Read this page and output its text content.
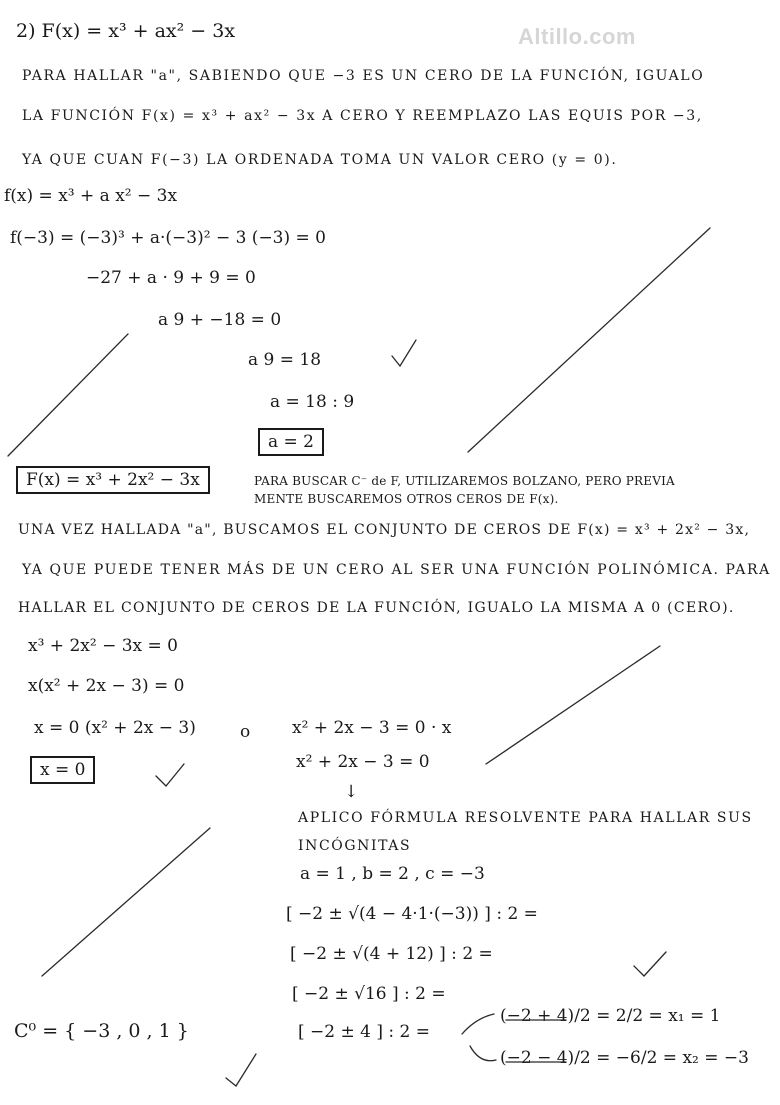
Altillo.com
2) F(x) = x³ + ax² − 3x
PARA HALLAR "a", SABIENDO QUE −3 ES UN CERO DE LA FUNCIÓN, IGUALO
LA FUNCIÓN F(x) = x³ + ax² − 3x A CERO Y REEMPLAZO LAS EQUIS POR −3,
YA QUE CUAN F(−3) LA ORDENADA TOMA UN VALOR CERO (y = 0).
f(x) = x³ + a x² − 3x
f(−3) = (−3)³ + a·(−3)² − 3 (−3) = 0
−27 + a · 9 + 9 = 0
a 9 + −18 = 0
a 9 = 18
a = 18 : 9
a = 2
F(x) = x³ + 2x² − 3x	PARA BUSCAR C⁻ de F, UTILIZAREMOS BOLZANO, PERO PREVIA
MENTE BUSCAREMOS OTROS CEROS DE F(x).
UNA VEZ HALLADA "a", BUSCAMOS EL CONJUNTO DE CEROS DE F(x) = x³ + 2x² − 3x,
YA QUE PUEDE TENER MÁS DE UN CERO AL SER UNA FUNCIÓN POLINÓMICA. PARA
HALLAR EL CONJUNTO DE CEROS DE LA FUNCIÓN, IGUALO LA MISMA A 0 (CERO).
x³ + 2x² − 3x = 0
x(x² + 2x − 3) = 0
x = 0 (x² + 2x − 3)	o x² + 2x − 3 = 0 · x
x = 0	x² + 2x − 3 = 0
↓
APLICO FÓRMULA RESOLVENTE PARA HALLAR SUS
INCÓGNITAS
a = 1 , b = 2 , c = −3
[ −2 ± √(4 − 4·1·(−3)) ] : 2 =
[ −2 ± √(4 + 12) ] : 2 =
[ −2 ± √16 ] : 2 =
[ −2 ± 4 ] : 2 =
C⁰ = { −3 , 0 , 1 }
(−2 + 4)/2 = 2/2 = x₁ = 1
(−2 − 4)/2 = −6/2 = x₂ = −3
